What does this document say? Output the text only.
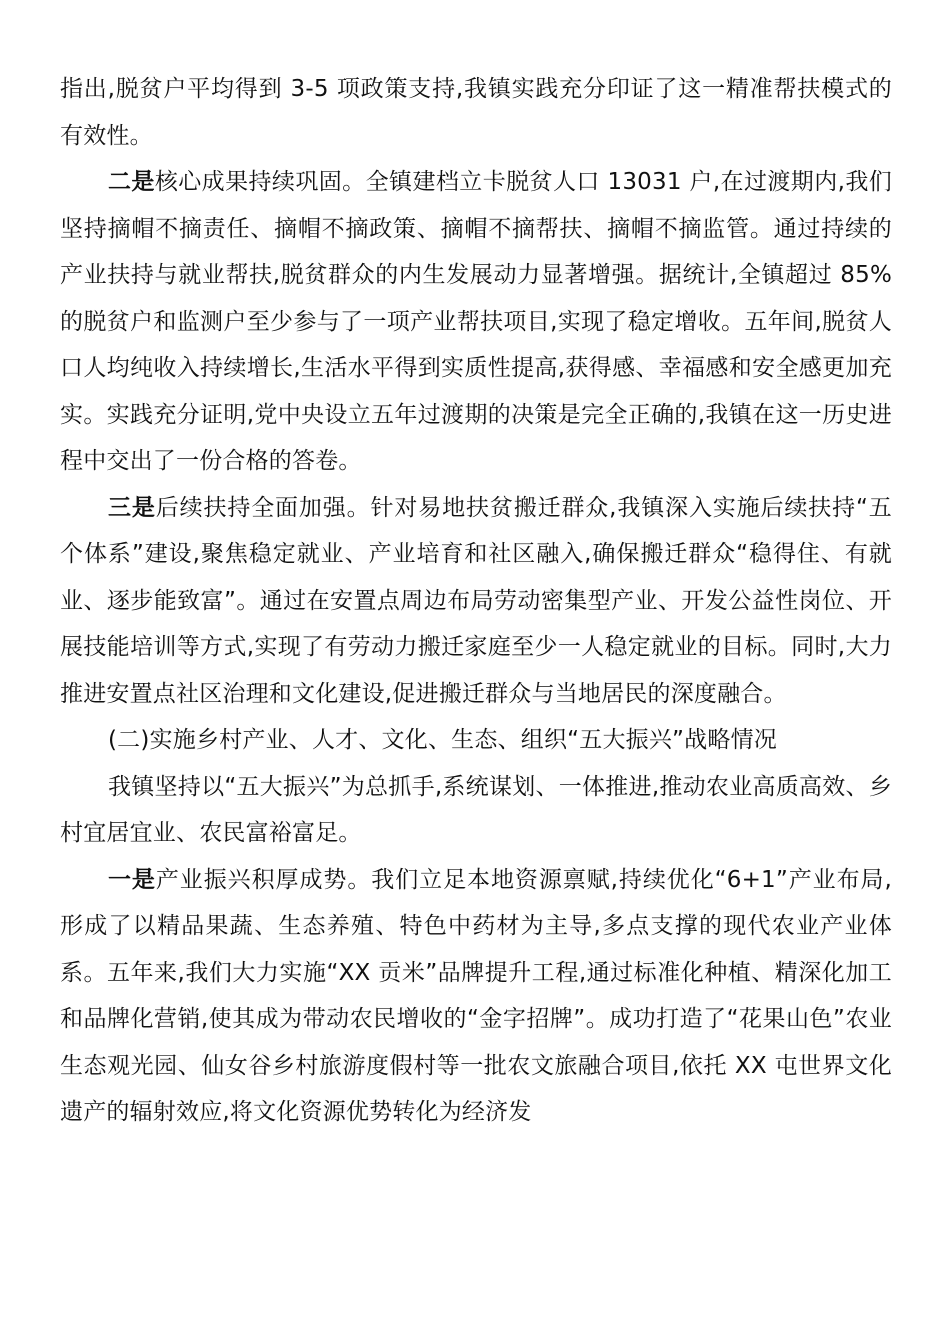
指出,脱贫户平均得到 3-5 项政策支持,我镇实践充分印证了这一精准帮扶模式的有效性。

二是核心成果持续巩固。全镇建档立卡脱贫人口 13031 户,在过渡期内,我们坚持摘帽不摘责任、摘帽不摘政策、摘帽不摘帮扶、摘帽不摘监管。通过持续的产业扶持与就业帮扶,脱贫群众的内生发展动力显著增强。据统计,全镇超过 85%的脱贫户和监测户至少参与了一项产业帮扶项目,实现了稳定增收。五年间,脱贫人口人均纯收入持续增长,生活水平得到实质性提高,获得感、幸福感和安全感更加充实。实践充分证明,党中央设立五年过渡期的决策是完全正确的,我镇在这一历史进程中交出了一份合格的答卷。

三是后续扶持全面加强。针对易地扶贫搬迁群众,我镇深入实施后续扶持“五个体系”建设,聚焦稳定就业、产业培育和社区融入,确保搬迁群众“稳得住、有就业、逐步能致富”。通过在安置点周边布局劳动密集型产业、开发公益性岗位、开展技能培训等方式,实现了有劳动力搬迁家庭至少一人稳定就业的目标。同时,大力推进安置点社区治理和文化建设,促进搬迁群众与当地居民的深度融合。

(二)实施乡村产业、人才、文化、生态、组织“五大振兴”战略情况

我镇坚持以“五大振兴”为总抓手,系统谋划、一体推进,推动农业高质高效、乡村宜居宜业、农民富裕富足。

一是产业振兴积厚成势。我们立足本地资源禀赋,持续优化“6+1”产业布局,形成了以精品果蔬、生态养殖、特色中药材为主导,多点支撑的现代农业产业体系。五年来,我们大力实施“XX 贡米”品牌提升工程,通过标准化种植、精深化加工和品牌化营销,使其成为带动农民增收的“金字招牌”。成功打造了“花果山色”农业生态观光园、仙女谷乡村旅游度假村等一批农文旅融合项目,依托 XX 屯世界文化遗产的辐射效应,将文化资源优势转化为经济发
